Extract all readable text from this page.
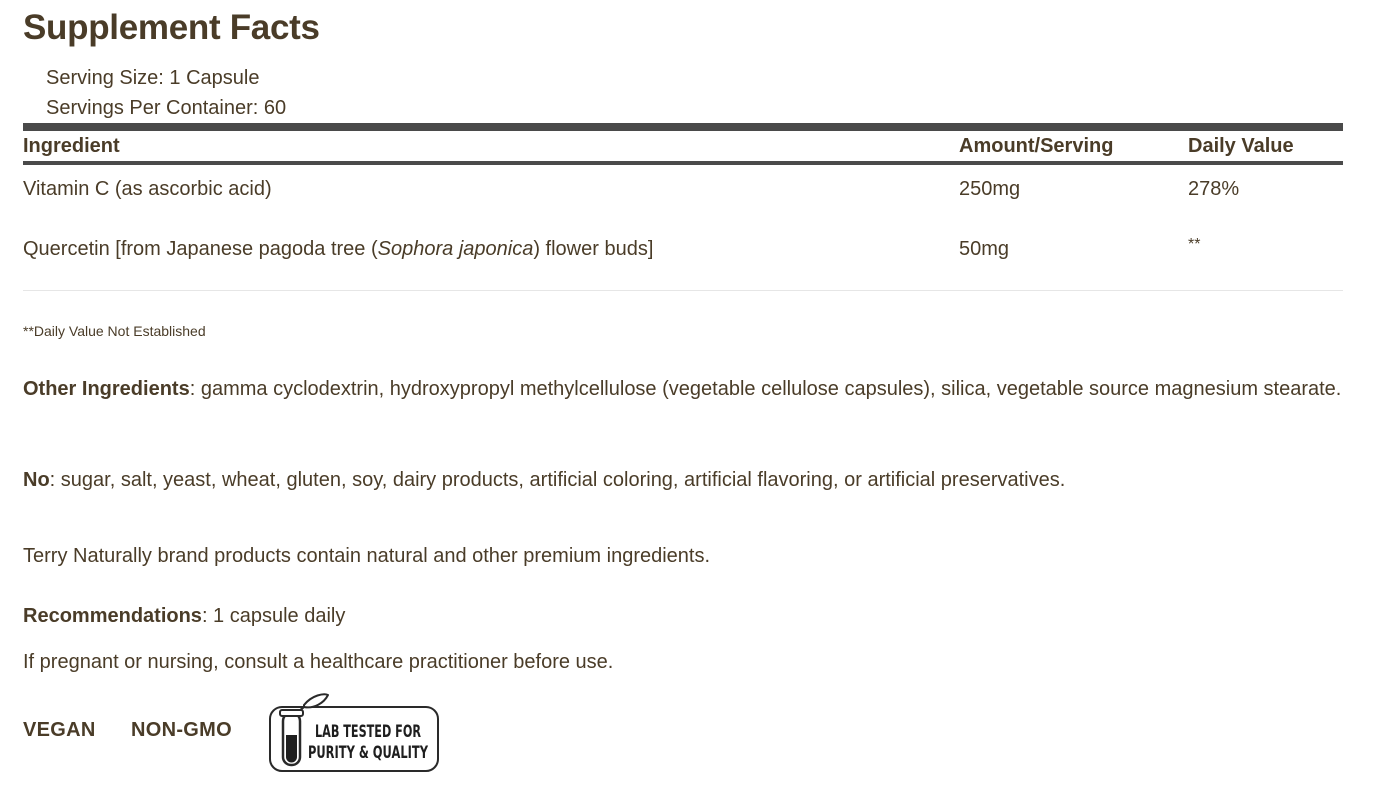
Supplement Facts
Serving Size: 1 Capsule
Servings Per Container: 60
Ingredient	Amount/Serving	Daily Value
Vitamin C (as ascorbic acid)	250mg	278%
Quercetin [from Japanese pagoda tree (Sophora japonica) flower buds]	50mg	**
**Daily Value Not Established

Other Ingredients: gamma cyclodextrin, hydroxypropyl methylcellulose (vegetable cellulose capsules), silica, vegetable source magnesium stearate.

No: sugar, salt, yeast, wheat, gluten, soy, dairy products, artificial coloring, artificial flavoring, or artificial preservatives.

Terry Naturally brand products contain natural and other premium ingredients.

Recommendations: 1 capsule daily

If pregnant or nursing, consult a healthcare practitioner before use.

VEGAN NON-GMO	LAB TESTED FOR
PURITY & QUALITY
